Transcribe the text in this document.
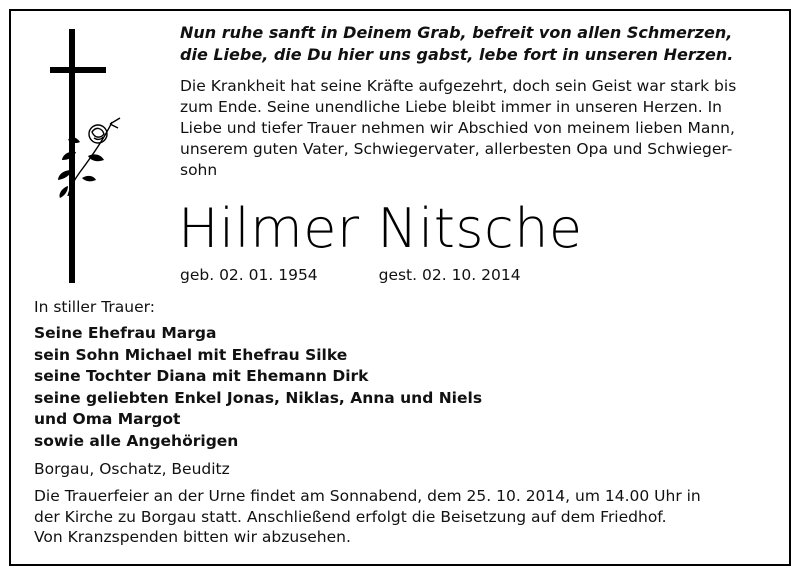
Nun ruhe sanft in Deinem Grab, befreit von allen Schmerzen,
die Liebe, die Du hier uns gabst, lebe fort in unseren Herzen.
Die Krankheit hat seine Kräfte aufgezehrt, doch sein Geist war stark bis
zum Ende. Seine unendliche Liebe bleibt immer in unseren Herzen. In
Liebe und tiefer Trauer nehmen wir Abschied von meinem lieben Mann,
unserem guten Vater, Schwiegervater, allerbesten Opa und Schwieger-
sohn
Hilmer Nitsche
geb. 02. 01. 1954	gest. 02. 10. 2014
In stiller Trauer:
Seine Ehefrau Marga
sein Sohn Michael mit Ehefrau Silke
seine Tochter Diana mit Ehemann Dirk
seine geliebten Enkel Jonas, Niklas, Anna und Niels
und Oma Margot
sowie alle Angehörigen
Borgau, Oschatz, Beuditz
Die Trauerfeier an der Urne findet am Sonnabend, dem 25. 10. 2014, um 14.00 Uhr in
der Kirche zu Borgau statt. Anschließend erfolgt die Beisetzung auf dem Friedhof.
Von Kranzspenden bitten wir abzusehen.
